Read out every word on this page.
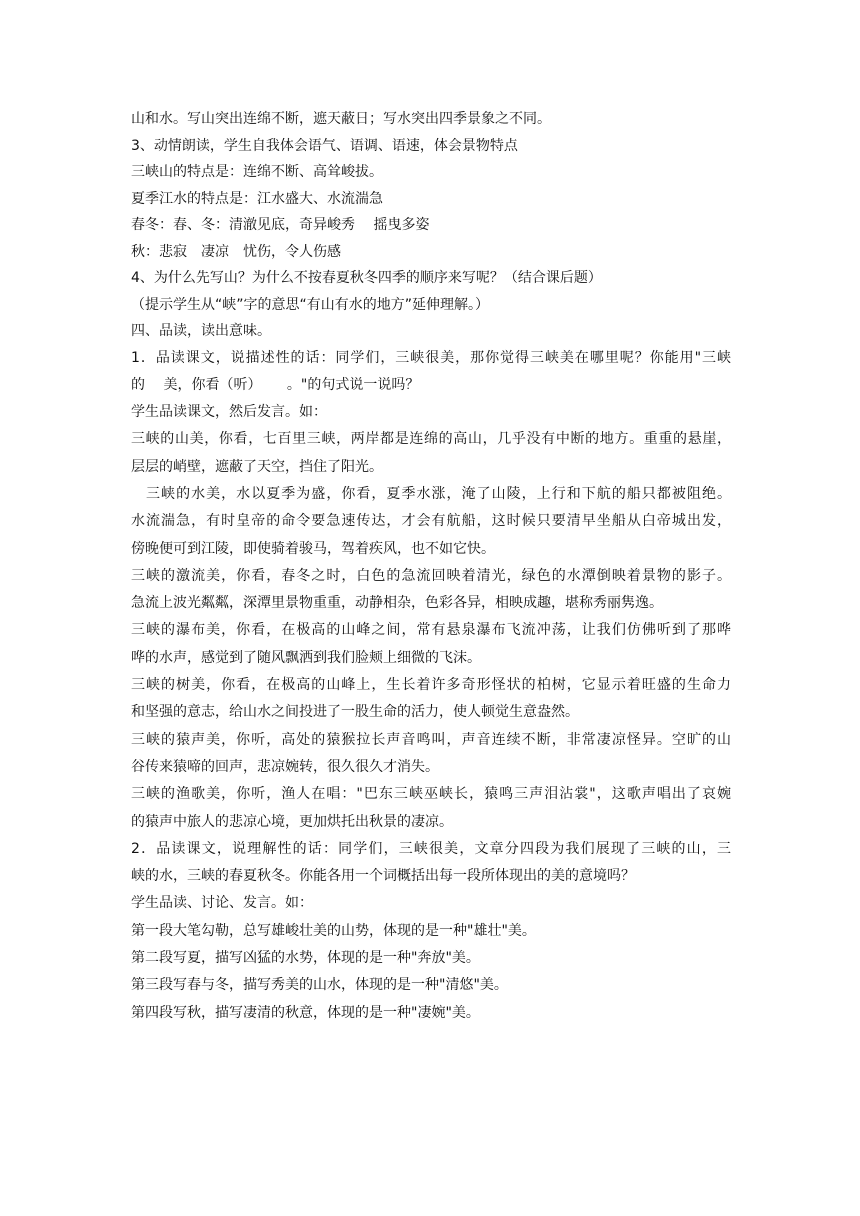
山和水。写山突出连绵不断，遮天蔽日；写水突出四季景象之不同。
3、动情朗读，学生自我体会语气、语调、语速，体会景物特点
三峡山的特点是：连绵不断、高耸峻拔。
夏季江水的特点是：江水盛大、水流湍急
春冬：春、冬：清澈见底，奇异峻秀　 摇曳多姿
秋：悲寂　凄凉　忧伤，令人伤感
4、为什么先写山？为什么不按春夏秋冬四季的顺序来写呢？（结合课后题）
（提示学生从“峡”字的意思“有山有水的地方”延伸理解。）
四、品读，读出意味。
1．品读课文，说描述性的话：同学们，三峡很美，那你觉得三峡美在哪里呢？你能用"三峡
的　 美，你看（听）　　 。"的句式说一说吗？
学生品读课文，然后发言。如：
三峡的山美，你看，七百里三峡，两岸都是连绵的高山，几乎没有中断的地方。重重的悬崖，
层层的峭壁，遮蔽了天空，挡住了阳光。
　三峡的水美，水以夏季为盛，你看，夏季水涨，淹了山陵，上行和下航的船只都被阻绝。
水流湍急，有时皇帝的命令要急速传达，才会有航船，这时候只要清早坐船从白帝城出发，
傍晚便可到江陵，即使骑着骏马，驾着疾风，也不如它快。
三峡的激流美，你看，春冬之时，白色的急流回映着清光，绿色的水潭倒映着景物的影子。
急流上波光粼粼，深潭里景物重重，动静相杂，色彩各异，相映成趣，堪称秀丽隽逸。
三峡的瀑布美，你看，在极高的山峰之间，常有悬泉瀑布飞流冲荡，让我们仿佛听到了那哗
哗的水声，感觉到了随风飘洒到我们脸颊上细微的飞沫。
三峡的树美，你看，在极高的山峰上，生长着许多奇形怪状的柏树，它显示着旺盛的生命力
和坚强的意志，给山水之间投进了一股生命的活力，使人顿觉生意盎然。
三峡的猿声美，你听，高处的猿猴拉长声音鸣叫，声音连续不断，非常凄凉怪异。空旷的山
谷传来猿啼的回声，悲凉婉转，很久很久才消失。
三峡的渔歌美，你听，渔人在唱："巴东三峡巫峡长，猿鸣三声泪沾裳"，这歌声唱出了哀婉
的猿声中旅人的悲凉心境，更加烘托出秋景的凄凉。
2．品读课文，说理解性的话：同学们，三峡很美，文章分四段为我们展现了三峡的山，三
峡的水，三峡的春夏秋冬。你能各用一个词概括出每一段所体现出的美的意境吗？
学生品读、讨论、发言。如：
第一段大笔勾勒，总写雄峻壮美的山势，体现的是一种"雄壮"美。
第二段写夏，描写凶猛的水势，体现的是一种"奔放"美。
第三段写春与冬，描写秀美的山水，体现的是一种"清悠"美。
第四段写秋，描写凄清的秋意，体现的是一种"凄婉"美。
